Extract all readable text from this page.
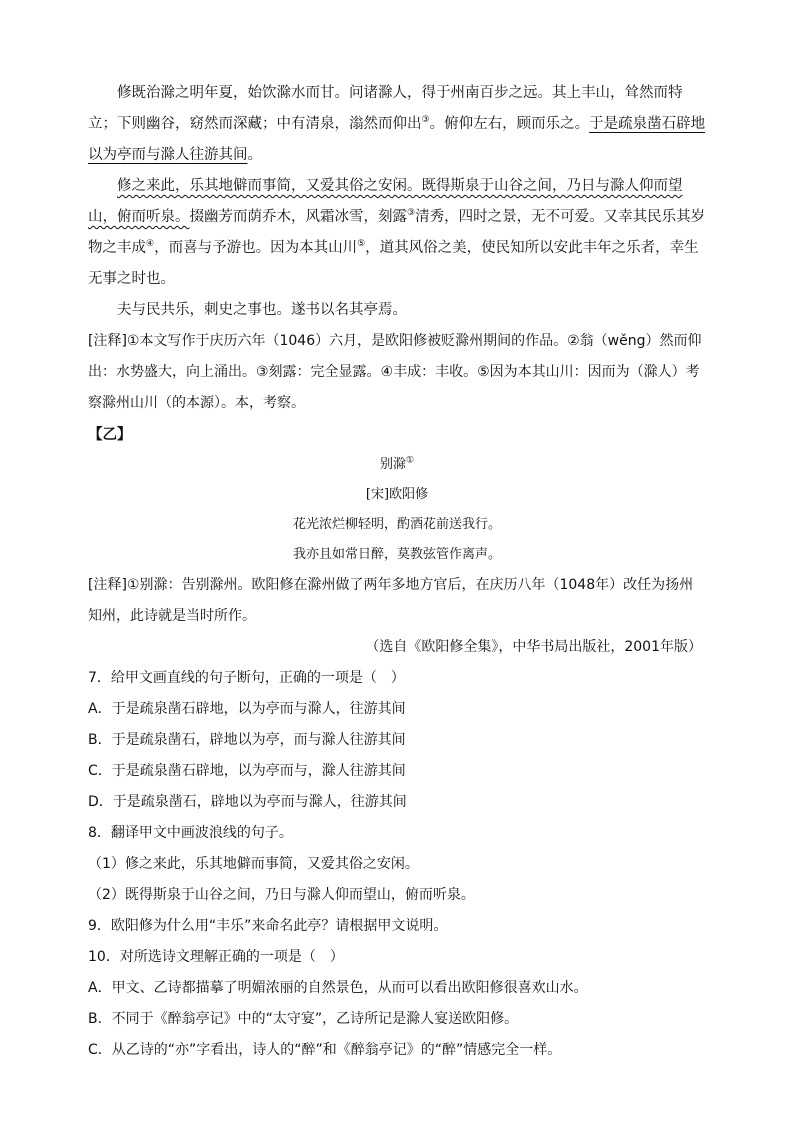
修既治滁之明年夏，始饮滁水而甘。问诸滁人，得于州南百步之远。其上丰山，耸然而特立；下则幽谷，窈然而深藏；中有清泉，滃然而仰出③。俯仰左右，顾而乐之。于是疏泉凿石辟地以为亭而与滁人往游其间。

修之来此，乐其地僻而事简，又爱其俗之安闲。既得斯泉于山谷之间，乃日与滁人仰而望山，俯而听泉。掇幽芳而荫乔木，风霜冰雪，刻露③清秀，四时之景，无不可爱。又幸其民乐其岁物之丰成④，而喜与予游也。因为本其山川⑤，道其风俗之美，使民知所以安此丰年之乐者，幸生无事之时也。

夫与民共乐，刺史之事也。遂书以名其亭焉。

[注释]①本文写作于庆历六年（1046）六月，是欧阳修被贬滁州期间的作品。②翁（wěng）然而仰出：水势盛大，向上涌出。③刻露：完全显露。④丰成：丰收。⑤因为本其山川：因而为（滁人）考察滁州山川（的本源）。本，考察。

【乙】

别滁①

[宋]欧阳修

花光浓烂柳轻明，酌酒花前送我行。

我亦且如常日醉，莫教弦管作离声。

[注释]①别滁：告别滁州。欧阳修在滁州做了两年多地方官后，在庆历八年（1048年）改任为扬州知州，此诗就是当时所作。

（选自《欧阳修全集》，中华书局出版社，2001年版）

7．给甲文画直线的句子断句，正确的一项是（　）

A．于是疏泉凿石辟地，以为亭而与滁人，往游其间

B．于是疏泉凿石，辟地以为亭，而与滁人往游其间

C．于是疏泉凿石辟地，以为亭而与，滁人往游其间

D．于是疏泉凿石，辟地以为亭而与滁人，往游其间

8．翻译甲文中画波浪线的句子。

（1）修之来此，乐其地僻而事简，又爱其俗之安闲。

（2）既得斯泉于山谷之间，乃日与滁人仰而望山，俯而听泉。

9．欧阳修为什么用“丰乐”来命名此亭？请根据甲文说明。

10．对所选诗文理解正确的一项是（　）

A．甲文、乙诗都描摹了明媚浓丽的自然景色，从而可以看出欧阳修很喜欢山水。

B．不同于《醉翁亭记》中的“太守宴”，乙诗所记是滁人宴送欧阳修。

C．从乙诗的“亦”字看出，诗人的“醉”和《醉翁亭记》的“醉”情感完全一样。
